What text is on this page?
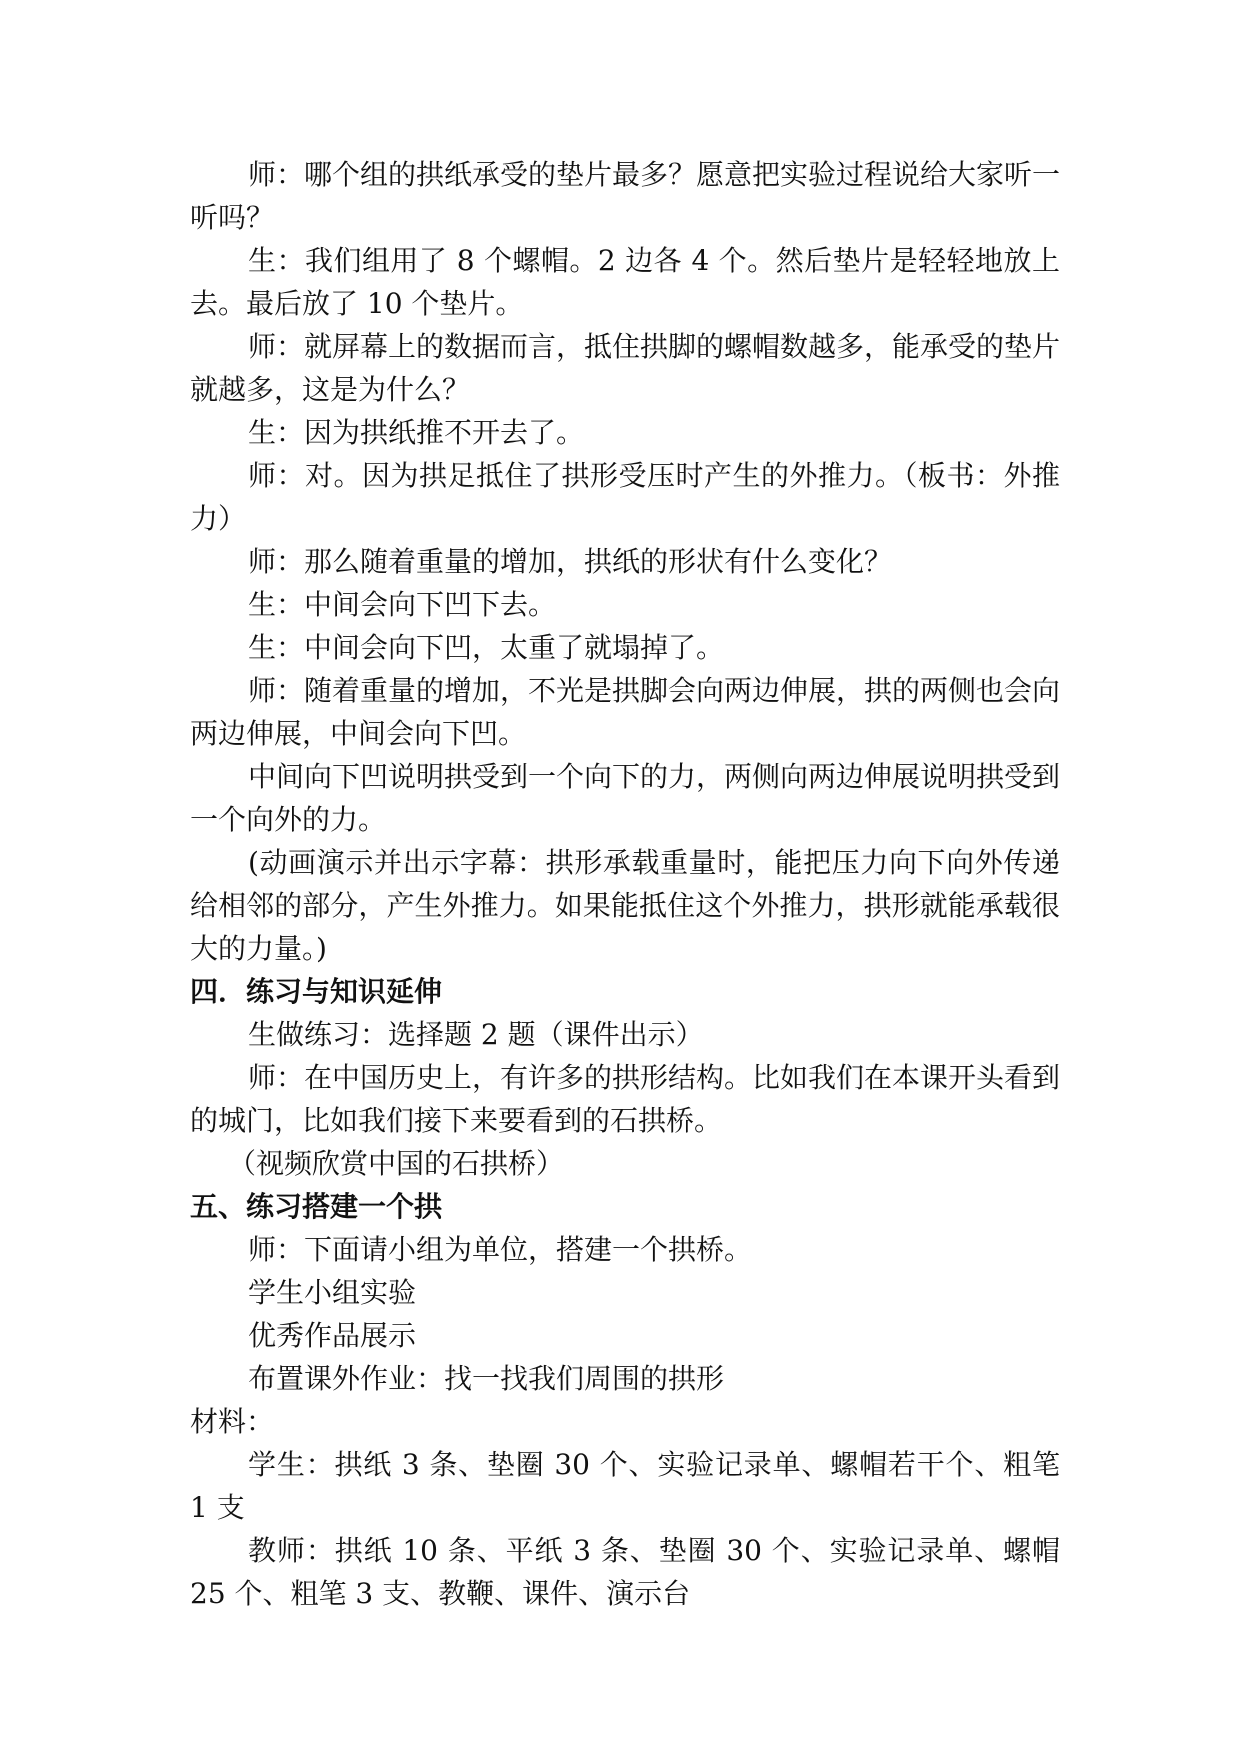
师：哪个组的拱纸承受的垫片最多？愿意把实验过程说给大家听一听吗？

生：我们组用了 8 个螺帽。2 边各 4 个。然后垫片是轻轻地放上去。最后放了 10 个垫片。

师：就屏幕上的数据而言，抵住拱脚的螺帽数越多，能承受的垫片就越多，这是为什么？

生：因为拱纸推不开去了。

师：对。因为拱足抵住了拱形受压时产生的外推力。（板书：外推力）

师：那么随着重量的增加，拱纸的形状有什么变化？

生：中间会向下凹下去。

生：中间会向下凹，太重了就塌掉了。

师：随着重量的增加，不光是拱脚会向两边伸展，拱的两侧也会向两边伸展，中间会向下凹。

中间向下凹说明拱受到一个向下的力，两侧向两边伸展说明拱受到一个向外的力。

(动画演示并出示字幕：拱形承载重量时，能把压力向下向外传递给相邻的部分，产生外推力。如果能抵住这个外推力，拱形就能承载很大的力量。)

四．练习与知识延伸

生做练习：选择题 2 题（课件出示）

师：在中国历史上，有许多的拱形结构。比如我们在本课开头看到的城门，比如我们接下来要看到的石拱桥。

（视频欣赏中国的石拱桥）

五、练习搭建一个拱

师：下面请小组为单位，搭建一个拱桥。

学生小组实验

优秀作品展示

布置课外作业：找一找我们周围的拱形

材料：

学生：拱纸 3 条、垫圈 30 个、实验记录单、螺帽若干个、粗笔 1 支

教师：拱纸 10 条、平纸 3 条、垫圈 30 个、实验记录单、螺帽 25 个、粗笔 3 支、教鞭、课件、演示台
